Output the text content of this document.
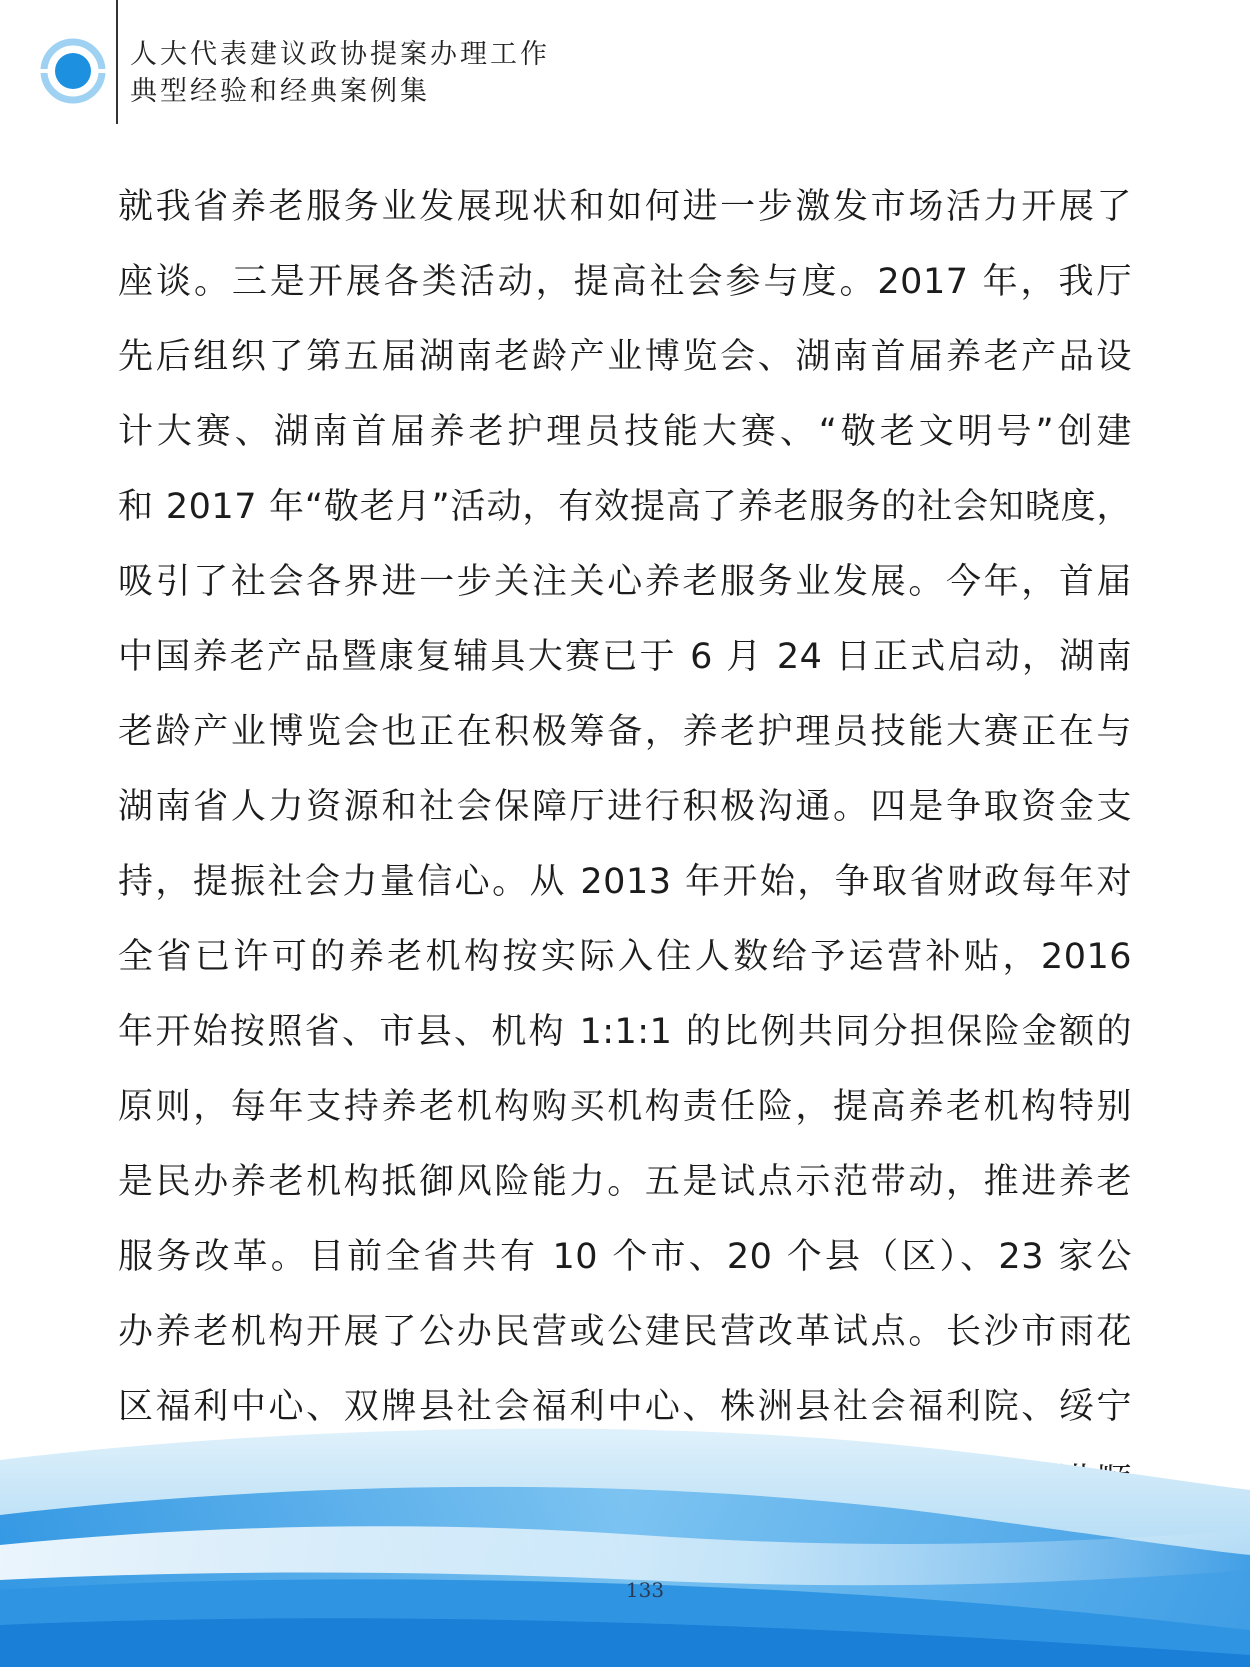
人大代表建议政协提案办理工作
典型经验和经典案例集
就我省养老服务业发展现状和如何进一步激发市场活力开展了
座谈。三是开展各类活动，提高社会参与度。2017 年，我厅
先后组织了第五届湖南老龄产业博览会、湖南首届养老产品设
计大赛、湖南首届养老护理员技能大赛、“敬老文明号”创建
和 2017 年“敬老月”活动，有效提高了养老服务的社会知晓度，
吸引了社会各界进一步关注关心养老服务业发展。今年，首届
中国养老产品暨康复辅具大赛已于 6 月 24 日正式启动，湖南
老龄产业博览会也正在积极筹备，养老护理员技能大赛正在与
湖南省人力资源和社会保障厅进行积极沟通。四是争取资金支
持，提振社会力量信心。从 2013 年开始，争取省财政每年对
全省已许可的养老机构按实际入住人数给予运营补贴，2016
年开始按照省、市县、机构 1:1:1 的比例共同分担保险金额的
原则，每年支持养老机构购买机构责任险，提高养老机构特别
是民办养老机构抵御风险能力。五是试点示范带动，推进养老
服务改革。目前全省共有 10 个市、20 个县（区）、23 家公
办养老机构开展了公办民营或公建民营改革试点。长沙市雨花
区福利中心、双牌县社会福利中心、株洲县社会福利院、绥宁
133
